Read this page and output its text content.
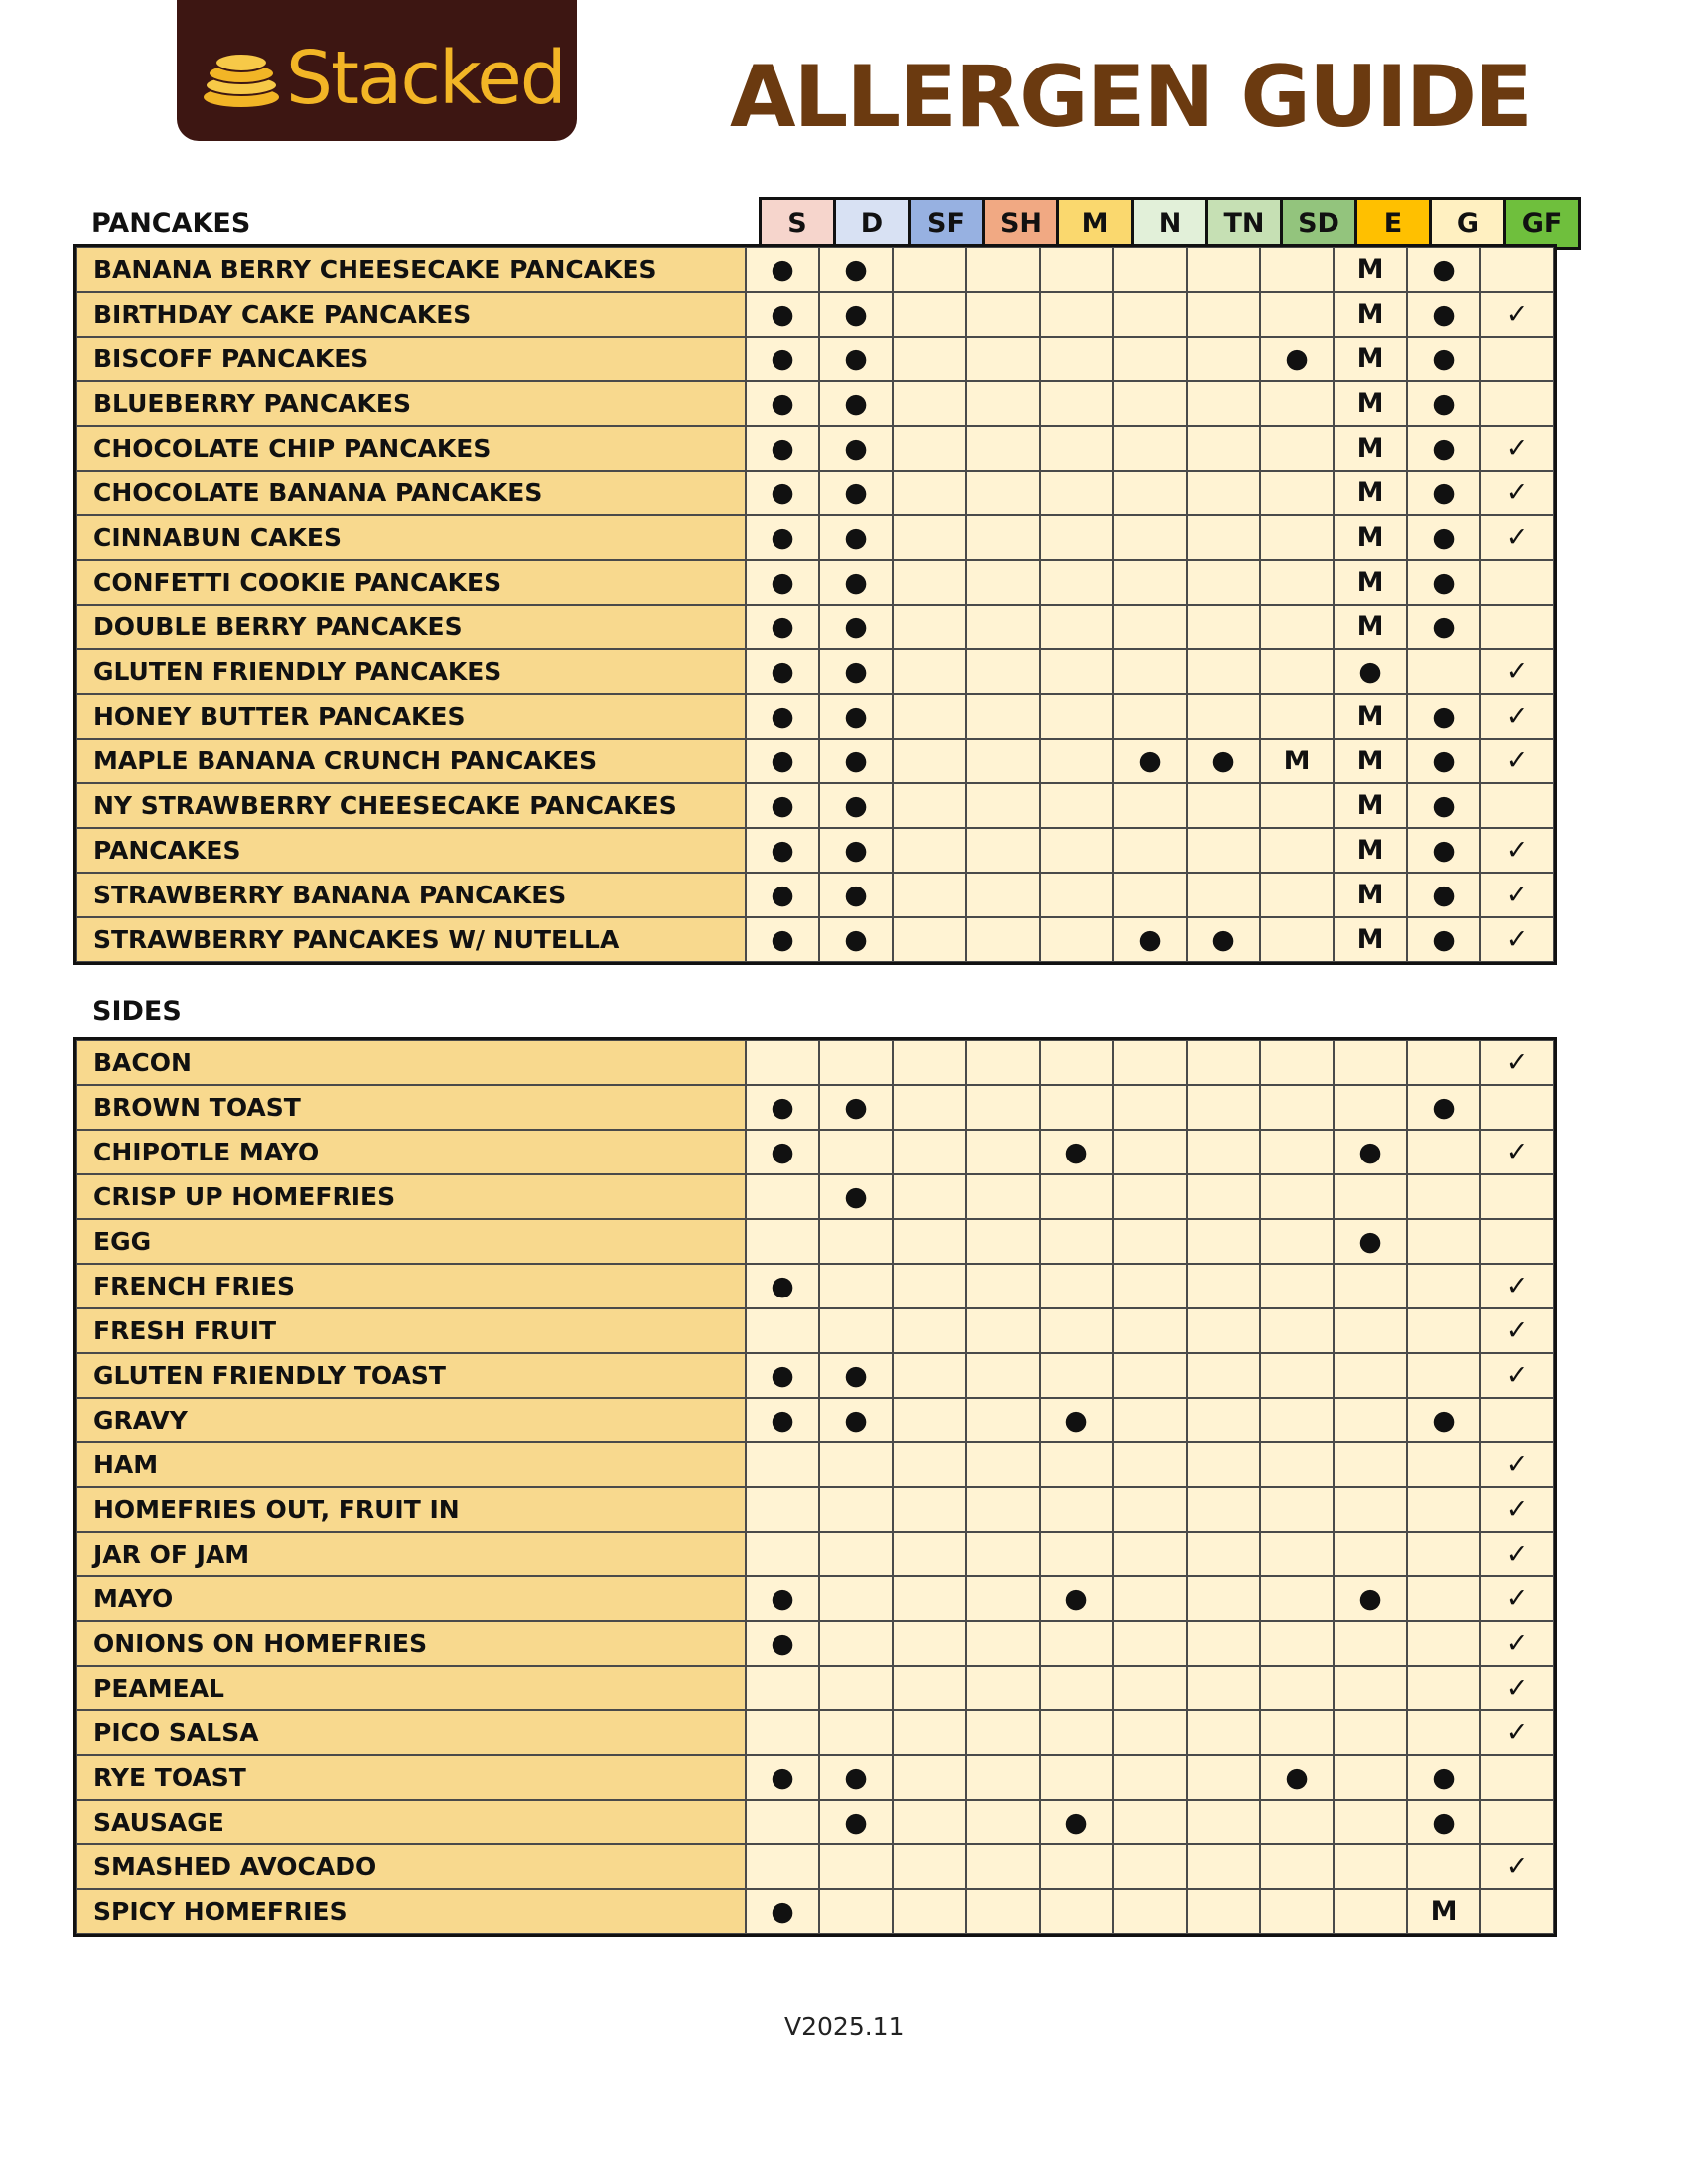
Stacked ALLERGEN GUIDE
PANCAKES	S	D	SF	SH	M	N	TN	SD	E	G	GF
BANANA BERRY CHEESECAKE PANCAKES	●	●							M	●	
BIRTHDAY CAKE PANCAKES	●	●							M	●	✓
BISCOFF PANCAKES	●	●						●	M	●	
BLUEBERRY PANCAKES	●	●							M	●	
CHOCOLATE CHIP PANCAKES	●	●							M	●	✓
CHOCOLATE BANANA PANCAKES	●	●							M	●	✓
CINNABUN CAKES	●	●							M	●	✓
CONFETTI COOKIE PANCAKES	●	●							M	●	
DOUBLE BERRY PANCAKES	●	●							M	●	
GLUTEN FRIENDLY PANCAKES	●	●							●		✓
HONEY BUTTER PANCAKES	●	●							M	●	✓
MAPLE BANANA CRUNCH PANCAKES	●	●				●	●	M	M	●	✓
NY STRAWBERRY CHEESECAKE PANCAKES	●	●							M	●	
PANCAKES	●	●							M	●	✓
STRAWBERRY BANANA PANCAKES	●	●							M	●	✓
STRAWBERRY PANCAKES W/ NUTELLA	●	●				●	●		M	●	✓
SIDES
BACON											✓
BROWN TOAST	●	●								●	
CHIPOTLE MAYO	●				●				●		✓
CRISP UP HOMEFRIES		●									
EGG									●		
FRENCH FRIES	●										✓
FRESH FRUIT											✓
GLUTEN FRIENDLY TOAST	●	●									✓
GRAVY	●	●			●					●	
HAM											✓
HOMEFRIES OUT, FRUIT IN											✓
JAR OF JAM											✓
MAYO	●				●				●		✓
ONIONS ON HOMEFRIES	●										✓
PEAMEAL											✓
PICO SALSA											✓
RYE TOAST	●	●						●		●	
SAUSAGE		●			●					●	
SMASHED AVOCADO											✓
SPICY HOMEFRIES	●									M	
V2025.11
